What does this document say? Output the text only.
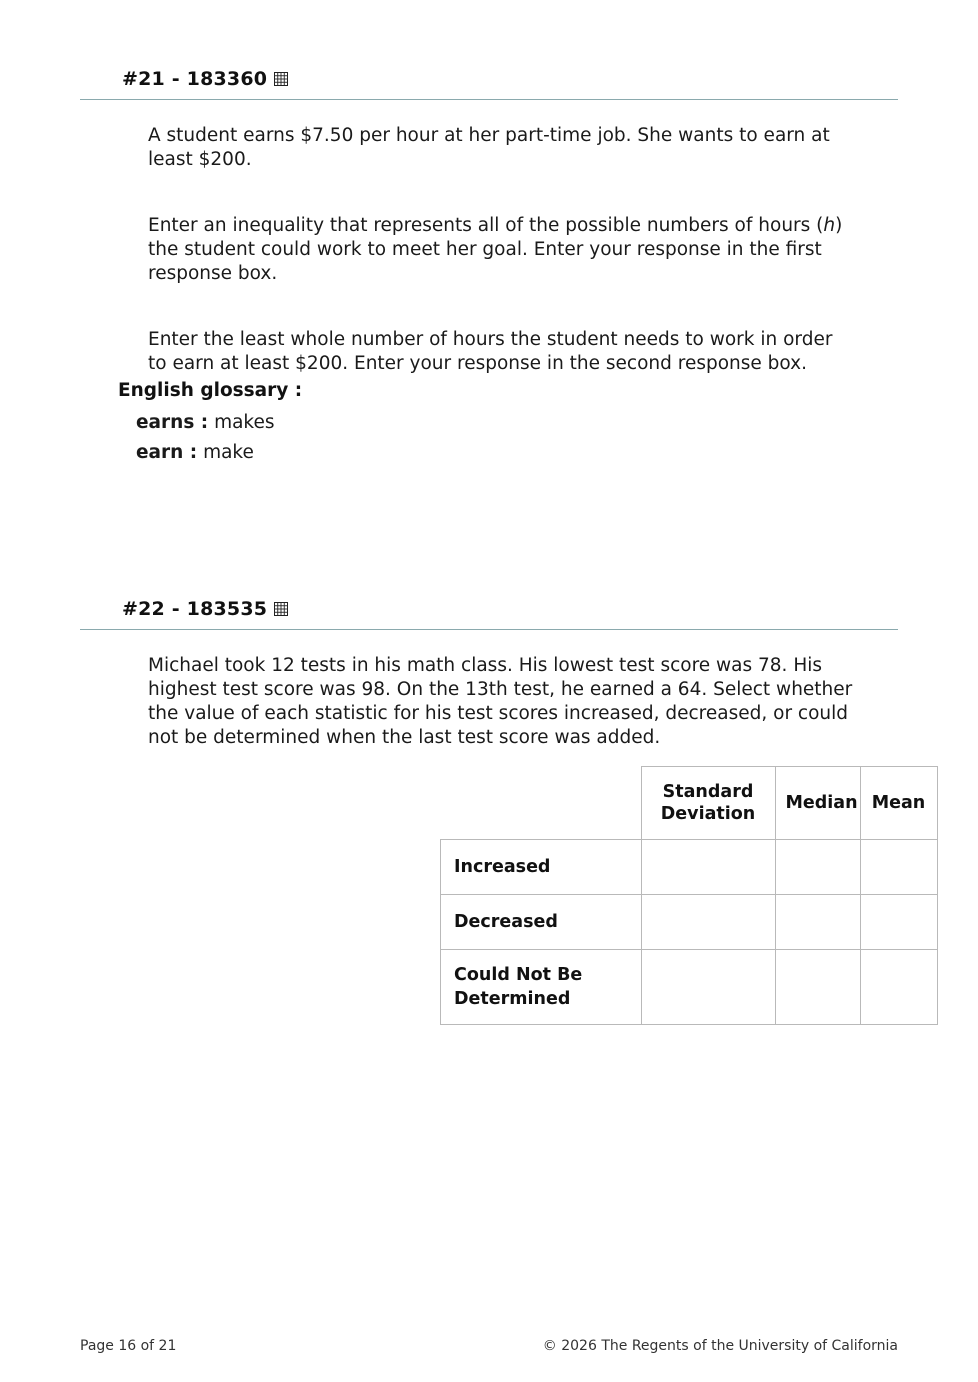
#21 - 183360
A student earns $7.50 per hour at her part-time job. She wants to earn at least $200.
Enter an inequality that represents all of the possible numbers of hours (h) the student could work to meet her goal. Enter your response in the first response box.
Enter the least whole number of hours the student needs to work in order to earn at least $200. Enter your response in the second response box.
English glossary :
earns : makes
earn : make
#22 - 183535
Michael took 12 tests in his math class. His lowest test score was 78. His highest test score was 98. On the 13th test, he earned a 64. Select whether the value of each statistic for his test scores increased, decreased, or could not be determined when the last test score was added.
	Standard Deviation	Median	Mean
Increased			
Decreased			
Could Not Be Determined			
Page 16 of 21	© 2026 The Regents of the University of California
